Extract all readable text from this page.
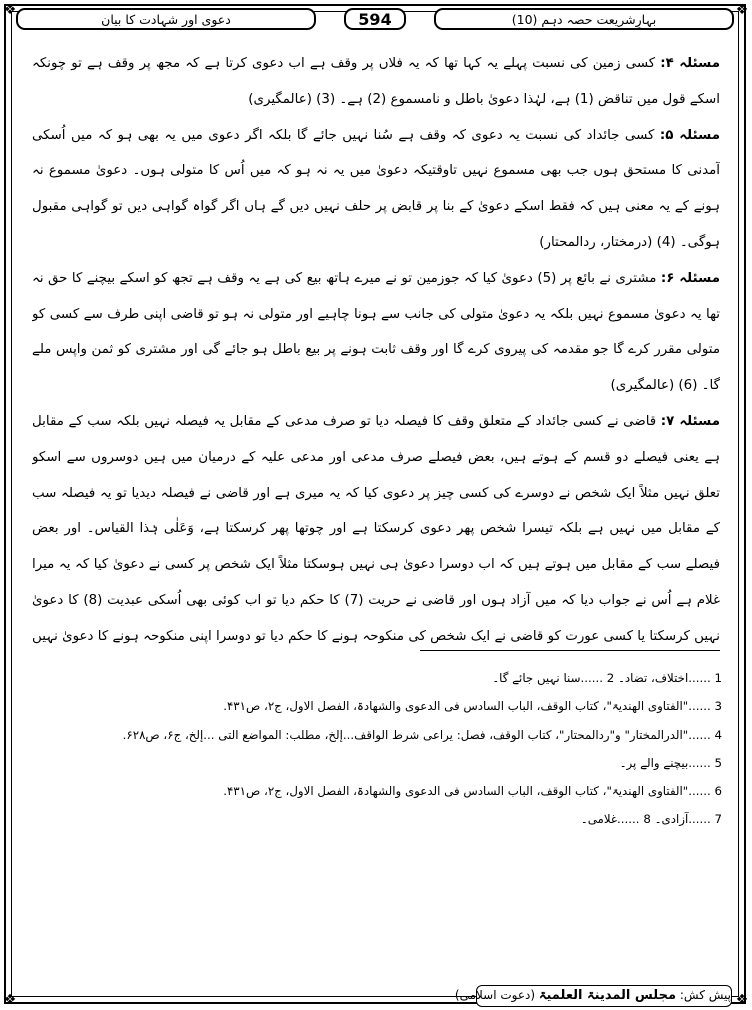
❖	❖
❖	❖
بہارِشریعت حصہ دہم (10)
594
دعوی اور شہادت کا بیان

مسئلہ ۴: کسی زمین کی نسبت پہلے یہ کہا تھا کہ یہ فلاں پر وقف ہے اب دعوی کرتا ہے کہ مجھ پر وقف ہے تو چونکہ اسکے قول میں تناقض (1) ہے، لہٰذا دعویٰ باطل و نامسموع (2) ہے۔ (3) (عالمگیری)

مسئلہ ۵: کسی جائداد کی نسبت یہ دعوی کہ وقف ہے سُنا نہیں جائے گا بلکہ اگر دعوی میں یہ بھی ہو کہ میں اُسکی آمدنی کا مستحق ہوں جب بھی مسموع نہیں تاوقتیکہ دعویٰ میں یہ نہ ہو کہ میں اُس کا متولی ہوں۔ دعویٰ مسموع نہ ہونے کے یہ معنی ہیں کہ فقط اسکے دعویٰ کے بنا پر قابض پر حلف نہیں دیں گے ہاں اگر گواہ گواہی دیں تو گواہی مقبول ہوگی۔ (4) (درمختار، ردالمحتار)

مسئلہ ۶: مشتری نے بائع پر (5) دعویٰ کیا کہ جوزمین تو نے میرے ہاتھ بیع کی ہے یہ وقف ہے تجھ کو اسکے بیچنے کا حق نہ تھا یہ دعویٰ مسموع نہیں بلکہ یہ دعویٰ متولی کی جانب سے ہونا چاہیے اور متولی نہ ہو تو قاضی اپنی طرف سے کسی کو متولی مقرر کرے گا جو مقدمہ کی پیروی کرے گا اور وقف ثابت ہونے پر بیع باطل ہو جائے گی اور مشتری کو ثمن واپس ملے گا۔ (6) (عالمگیری)

مسئلہ ۷: قاضی نے کسی جائداد کے متعلق وقف کا فیصلہ دیا تو صرف مدعی کے مقابل یہ فیصلہ نہیں بلکہ سب کے مقابل ہے یعنی فیصلے دو قسم کے ہوتے ہیں، بعض فیصلے صرف مدعی اور مدعی علیہ کے درمیان میں ہیں دوسروں سے اسکو تعلق نہیں مثلاً ایک شخص نے دوسرے کی کسی چیز پر دعوی کیا کہ یہ میری ہے اور قاضی نے فیصلہ دیدیا تو یہ فیصلہ سب کے مقابل میں نہیں ہے بلکہ تیسرا شخص پھر دعوی کرسکتا ہے اور چوتھا پھر کرسکتا ہے، وَعَلٰی ہٰذا القیاس۔ اور بعض فیصلے سب کے مقابل میں ہوتے ہیں کہ اب دوسرا دعویٰ ہی نہیں ہوسکتا مثلاً ایک شخص پر کسی نے دعویٰ کیا کہ یہ میرا غلام ہے اُس نے جواب دیا کہ میں آزاد ہوں اور قاضی نے حریت (7) کا حکم دیا تو اب کوئی بھی اُسکی عبدیت (8) کا دعویٰ نہیں کرسکتا یا کسی عورت کو قاضی نے ایک شخص کی منکوحہ ہونے کا حکم دیا تو دوسرا اپنی منکوحہ ہونے کا دعویٰ نہیں

1 ......اختلاف، تضاد۔ 2 ......سنا نہیں جائے گا۔
3 ......"الفتاوی الھندیۃ"، کتاب الوقف، الباب السادس فی الدعوی والشھادۃ، الفصل الاول، ج۲، ص۴۳۱.
4 ......"الدرالمختار" و"ردالمحتار"، کتاب الوقف، فصل: یراعی شرط الواقف...إلخ، مطلب: المواضع التی ...إلخ، ج۶، ص۶۲۸.
5 ......بیچنے والے پر۔
6 ......"الفتاوی الھندیۃ"، کتاب الوقف، الباب السادس فی الدعوی والشھادۃ، الفصل الاول، ج۲، ص۴۳۱.
7 ......آزادی۔ 8 ......غلامی۔
پیش کش: مجلس المدینۃ العلمیۃ (دعوت اسلامی)
